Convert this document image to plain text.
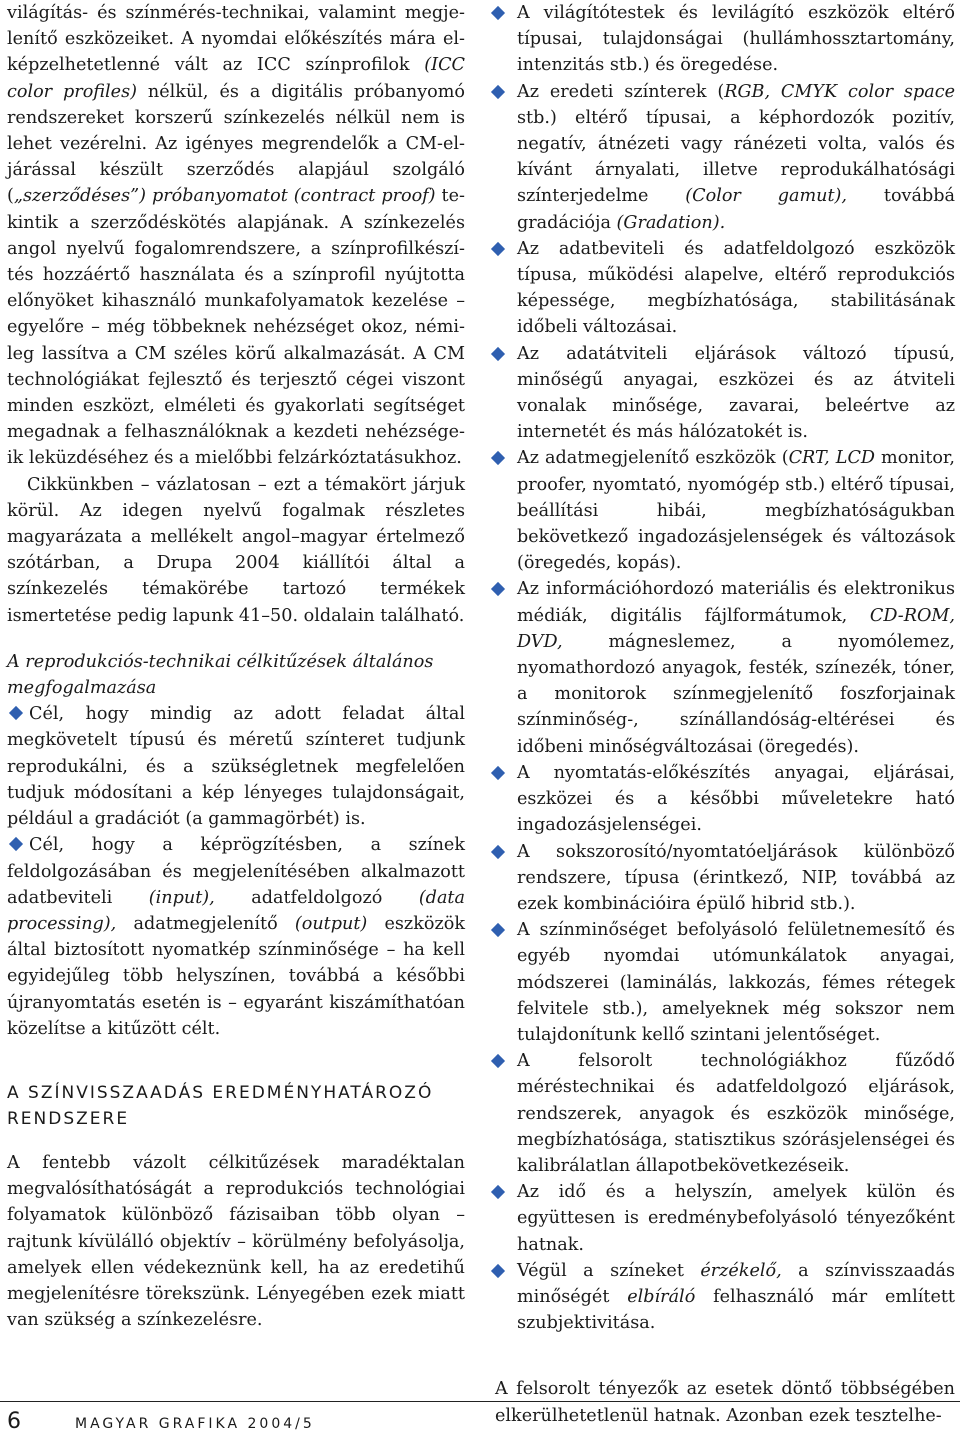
világítás- és színmérés-technikai, valamint megjelenítő eszközeiket. A nyomdai előkészítés mára elképzelhetetlenné vált az ICC színprofilok (ICC color profiles) nélkül, és a digitális próbanyomó rendszereket korszerű színkezelés nélkül nem is lehet vezérelni. Az igényes megrendelők a CM-eljárással készült szerződés alapjául szolgáló („szerződéses”) próbanyomatot (contract proof) tekintik a szerződéskötés alapjának. A színkezelés angol nyelvű fogalomrendszere, a színprofilkészítés hozzáértő használata és a színprofil nyújtotta előnyöket kihasználó munkafolyamatok kezelése – egyelőre – még többeknek nehézséget okoz, némileg lassítva a CM széles körű alkalmazását. A CM technológiákat fejlesztő és terjesztő cégei viszont minden eszközt, elméleti és gyakorlati segítséget megadnak a felhasználóknak a kezdeti nehézségeik leküzdéséhez és a mielőbbi felzárkóztatásukhoz.

Cikkünkben – vázlatosan – ezt a témakört járjuk körül. Az idegen nyelvű fogalmak részletes magyarázata a mellékelt angol–magyar értelmező szótárban, a Drupa 2004 kiállítói által a színkezelés témakörébe tartozó termékek ismertetése pedig lapunk 41–50. oldalain található.

A reprodukciós-technikai célkitűzések általános megfogalmazása

Cél, hogy mindig az adott feladat által megkövetelt típusú és méretű színteret tudjunk reprodukálni, és a szükségletnek megfelelően tudjuk módosítani a kép lényeges tulajdonságait, például a gradációt (a gammagörbét) is.

Cél, hogy a képrögzítésben, a színek feldolgozásában és megjelenítésében alkalmazott adatbeviteli (input), adatfeldolgozó (data processing), adatmegjelenítő (output) eszközök által biztosított nyomatkép színminősége – ha kell egyidejűleg több helyszínen, továbbá a későbbi újranyomtatás esetén is – egyaránt kiszámíthatóan közelítse a kitűzött célt.

A SZÍNVISSZAADÁS EREDMÉNYHATÁROZÓ RENDSZERE

A fentebb vázolt célkitűzések maradéktalan megvalósíthatóságát a reprodukciós technológiai folyamatok különböző fázisaiban több olyan – rajtunk kívülálló objektív – körülmény befolyásolja, amelyek ellen védekeznünk kell, ha az eredetihű megjelenítésre törekszünk. Lényegében ezek miatt van szükség a színkezelésre.

A világítótestek és levilágító eszközök eltérő típusai, tulajdonságai (hullámhossztartomány, intenzitás stb.) és öregedése.

Az eredeti színterek (RGB, CMYK color space stb.) eltérő típusai, a képhordozók pozitív, negatív, átnézeti vagy ránézeti volta, valós és kívánt árnyalati, illetve reprodukálhatósági színterjedelme (Color gamut), továbbá gradációja (Gradation).

Az adatbeviteli és adatfeldolgozó eszközök típusa, működési alapelve, eltérő reprodukciós képessége, megbízhatósága, stabilitásának időbeli változásai.

Az adatátviteli eljárások változó típusú, minőségű anyagai, eszközei és az átviteli vonalak minősége, zavarai, beleértve az internetét és más hálózatokét is.

Az adatmegjelenítő eszközök (CRT, LCD monitor, proofer, nyomtató, nyomógép stb.) eltérő típusai, beállítási hibái, megbízhatóságukban bekövetkező ingadozásjelenségek és változások (öregedés, kopás).

Az információhordozó materiális és elektronikus médiák, digitális fájlformátumok, CD-ROM, DVD, mágneslemez, a nyomólemez, nyomathordozó anyagok, festék, színezék, tóner, a monitorok színmegjelenítő foszforjainak színminőség-, színállandóság-eltérései és időbeni minőségváltozásai (öregedés).

A nyomtatás-előkészítés anyagai, eljárásai, eszközei és a későbbi műveletekre ható ingadozásjelenségei.

A sokszorosító/nyomtatóeljárások különböző rendszere, típusa (érintkező, NIP, továbbá az ezek kombinációira épülő hibrid stb.).

A színminőséget befolyásoló felületnemesítő és egyéb nyomdai utómunkálatok anyagai, módszerei (laminálás, lakkozás, fémes rétegek felvitele stb.), amelyeknek még sokszor nem tulajdonítunk kellő szintani jelentőséget.

A felsorolt technológiákhoz fűződő méréstechnikai és adatfeldolgozó eljárások, rendszerek, anyagok és eszközök minősége, megbízhatósága, statisztikus szórásjelenségei és kalibrálatlan állapotbekövetkezéseik.

Az idő és a helyszín, amelyek külön és együttesen is eredménybefolyásoló tényezőként hatnak.

Végül a színeket érzékelő, a színvisszaadás minőségét elbíráló felhasználó már említett szubjektivitása.

A felsorolt tényezők az esetek döntő többségében elkerülhetetlenül hatnak. Azonban ezek tesztelhe-

6	MAGYAR GRAFIKA 2004/5
